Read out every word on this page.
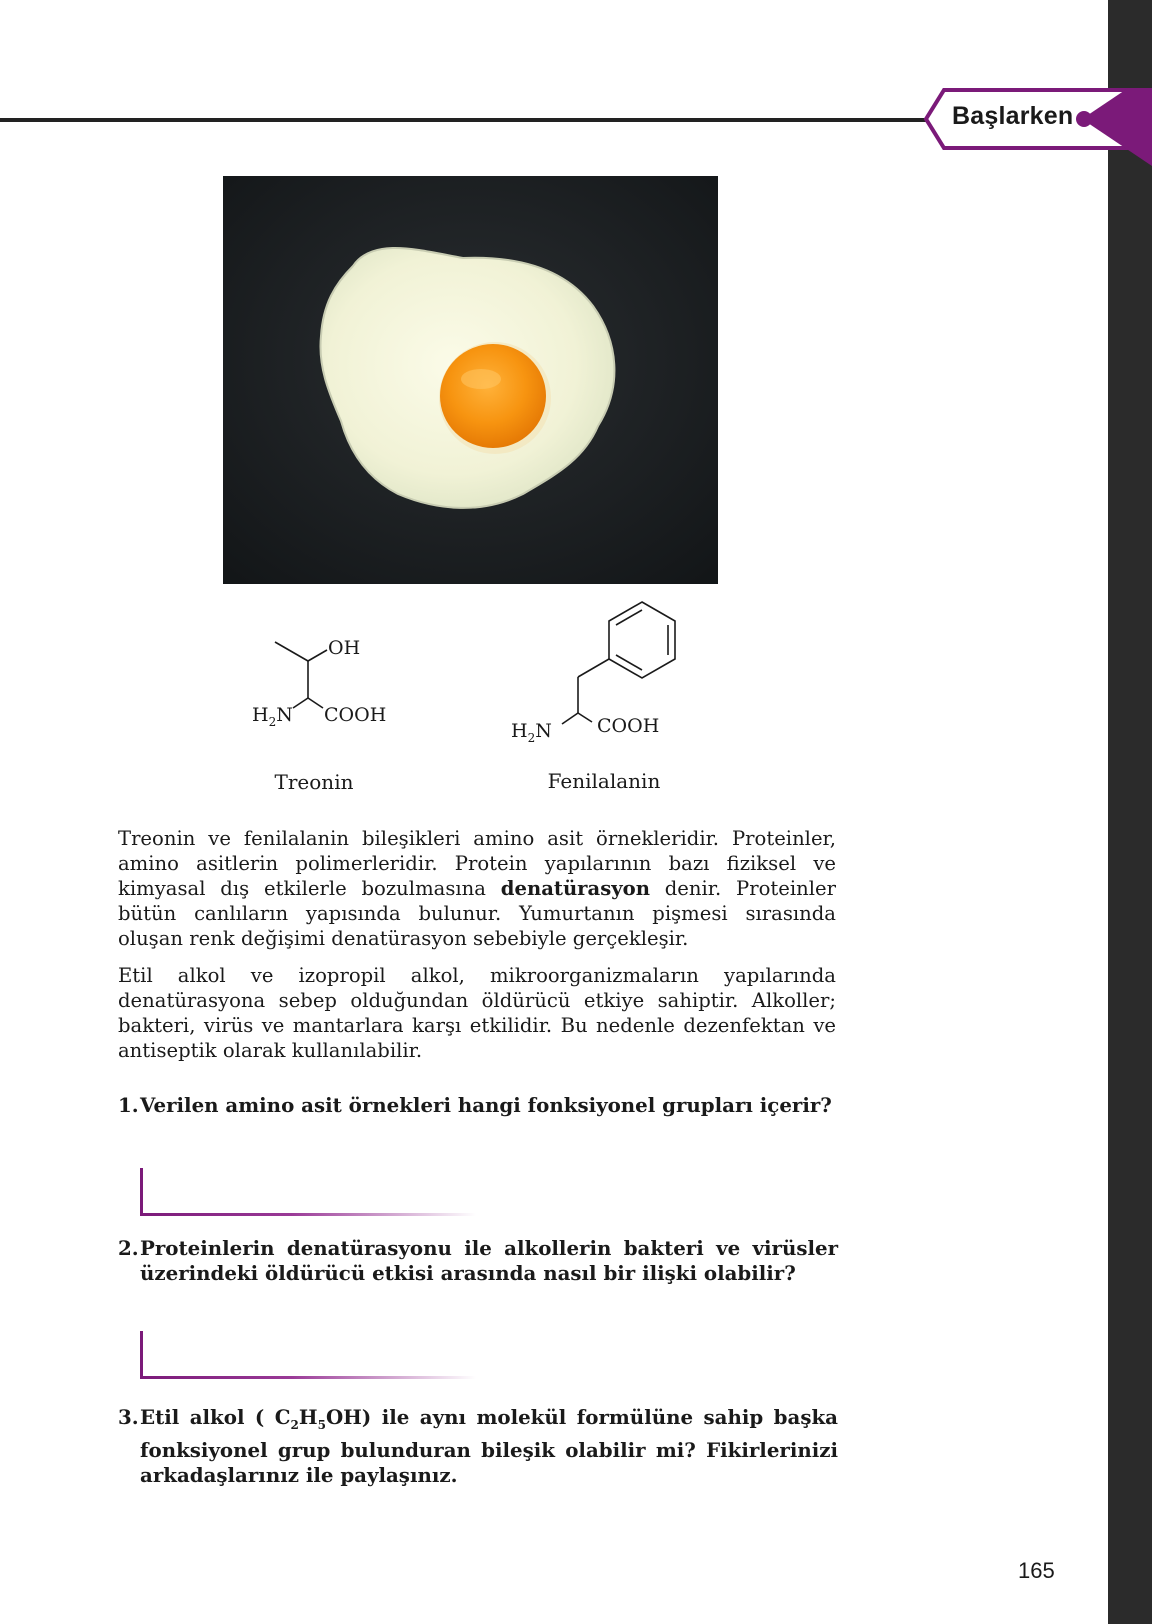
Başlarken
OH
$H_2N$ COOH
Treonin
$H_2N$ COOH
Fenilalanin

Treonin ve fenilalanin bileşikleri amino asit örnekleridir. Proteinler, amino asitlerin polimerleridir. Protein yapılarının bazı fiziksel ve kimyasal dış etkilerle bozulmasına denatürasyon denir. Proteinler bütün canlıların yapısında bulunur. Yumurtanın pişmesi sırasında oluşan renk değişimi denatürasyon sebebiyle gerçekleşir.

Etil alkol ve izopropil alkol, mikroorganizmaların yapılarında denatürasyona sebep olduğundan öldürücü etkiye sahiptir. Alkoller; bakteri, virüs ve mantarlara karşı etkilidir. Bu nedenle dezenfektan ve antiseptik olarak kullanılabilir.

1. Verilen amino asit örnekleri hangi fonksiyonel grupları içerir?

2. Proteinlerin denatürasyonu ile alkollerin bakteri ve virüsler üzerindeki öldürücü etkisi arasında nasıl bir ilişki olabilir?

3. Etil alkol ( $C_2H_5OH$) ile aynı molekül formülüne sahip başka fonksiyonel grup bulunduran bileşik olabilir mi? Fikirlerinizi arkadaşlarınız ile paylaşınız.

165
